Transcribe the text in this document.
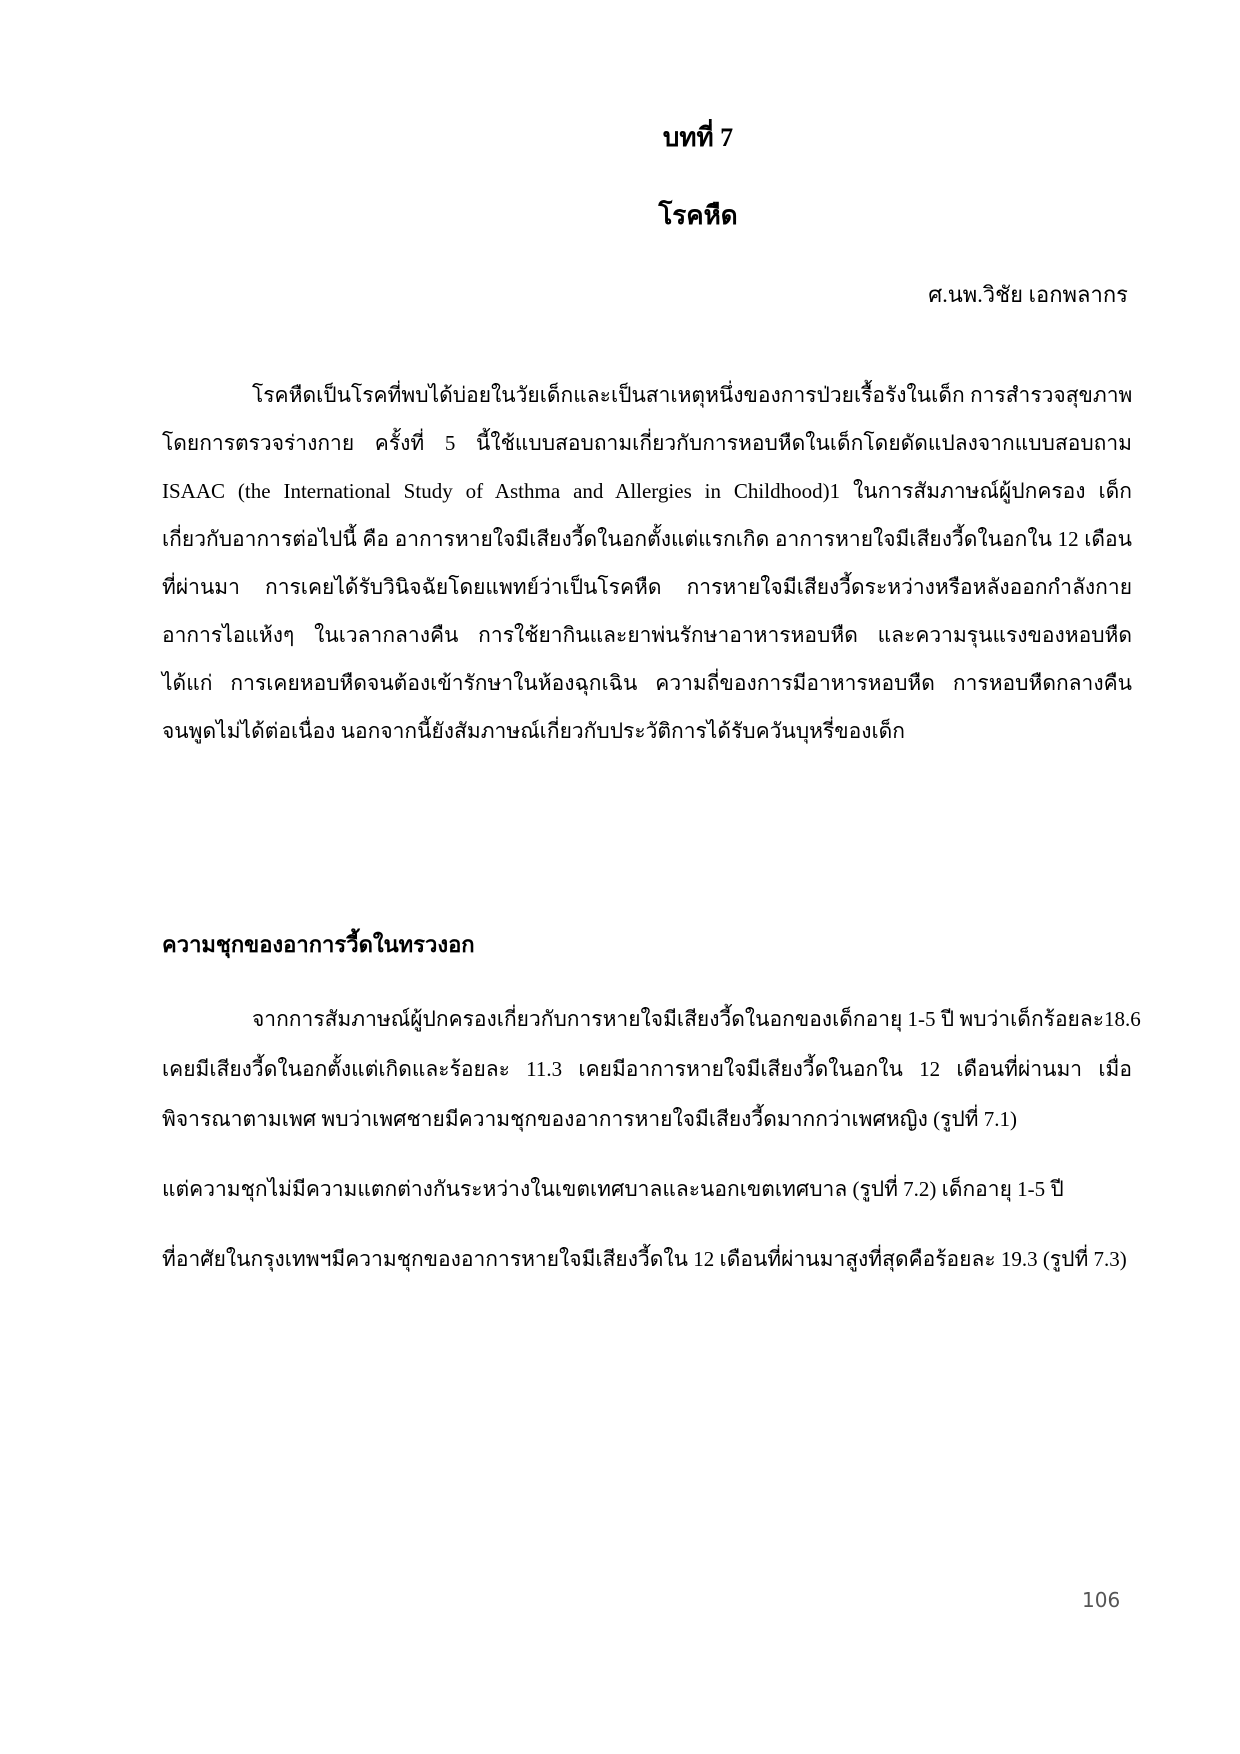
บทที่ 7
โรคหืด
ศ.นพ.วิชัย เอกพลากร
โรคหืดเป็นโรคที่พบได้บ่อยในวัยเด็กและเป็นสาเหตุหนึ่งของการป่วยเรื้อรังในเด็ก การสำรวจสุขภาพ
โดยการตรวจร่างกาย ครั้งที่ 5 นี้ใช้แบบสอบถามเกี่ยวกับการหอบหืดในเด็กโดยดัดแปลงจากแบบสอบถาม
ISAAC (the International Study of Asthma and Allergies in Childhood)1 ในการสัมภาษณ์ผู้ปกครอง เด็ก
เกี่ยวกับอาการต่อไปนี้ คือ อาการหายใจมีเสียงวี้ดในอกตั้งแต่แรกเกิด อาการหายใจมีเสียงวี้ดในอกใน 12 เดือน
ที่ผ่านมา การเคยได้รับวินิจฉัยโดยแพทย์ว่าเป็นโรคหืด การหายใจมีเสียงวี้ดระหว่างหรือหลังออกกำลังกาย
อาการไอแห้งๆ ในเวลากลางคืน การใช้ยากินและยาพ่นรักษาอาหารหอบหืด และความรุนแรงของหอบหืด
ได้แก่ การเคยหอบหืดจนต้องเข้ารักษาในห้องฉุกเฉิน ความถี่ของการมีอาหารหอบหืด การหอบหืดกลางคืน
จนพูดไม่ได้ต่อเนื่อง นอกจากนี้ยังสัมภาษณ์เกี่ยวกับประวัติการได้รับควันบุหรี่ของเด็ก
ความชุกของอาการวี้ดในทรวงอก
จากการสัมภาษณ์ผู้ปกครองเกี่ยวกับการหายใจมีเสียงวี้ดในอกของเด็กอายุ 1-5 ปี พบว่าเด็กร้อยละ18.6
เคยมีเสียงวี้ดในอกตั้งแต่เกิดและร้อยละ 11.3 เคยมีอาการหายใจมีเสียงวี้ดในอกใน 12 เดือนที่ผ่านมา เมื่อ
พิจารณาตามเพศ พบว่าเพศชายมีความชุกของอาการหายใจมีเสียงวี้ดมากกว่าเพศหญิง (รูปที่ 7.1)
แต่ความชุกไม่มีความแตกต่างกันระหว่างในเขตเทศบาลและนอกเขตเทศบาล (รูปที่ 7.2) เด็กอายุ 1-5 ปี
ที่อาศัยในกรุงเทพฯมีความชุกของอาการหายใจมีเสียงวี้ดใน 12 เดือนที่ผ่านมาสูงที่สุดคือร้อยละ 19.3 (รูปที่ 7.3)
106
